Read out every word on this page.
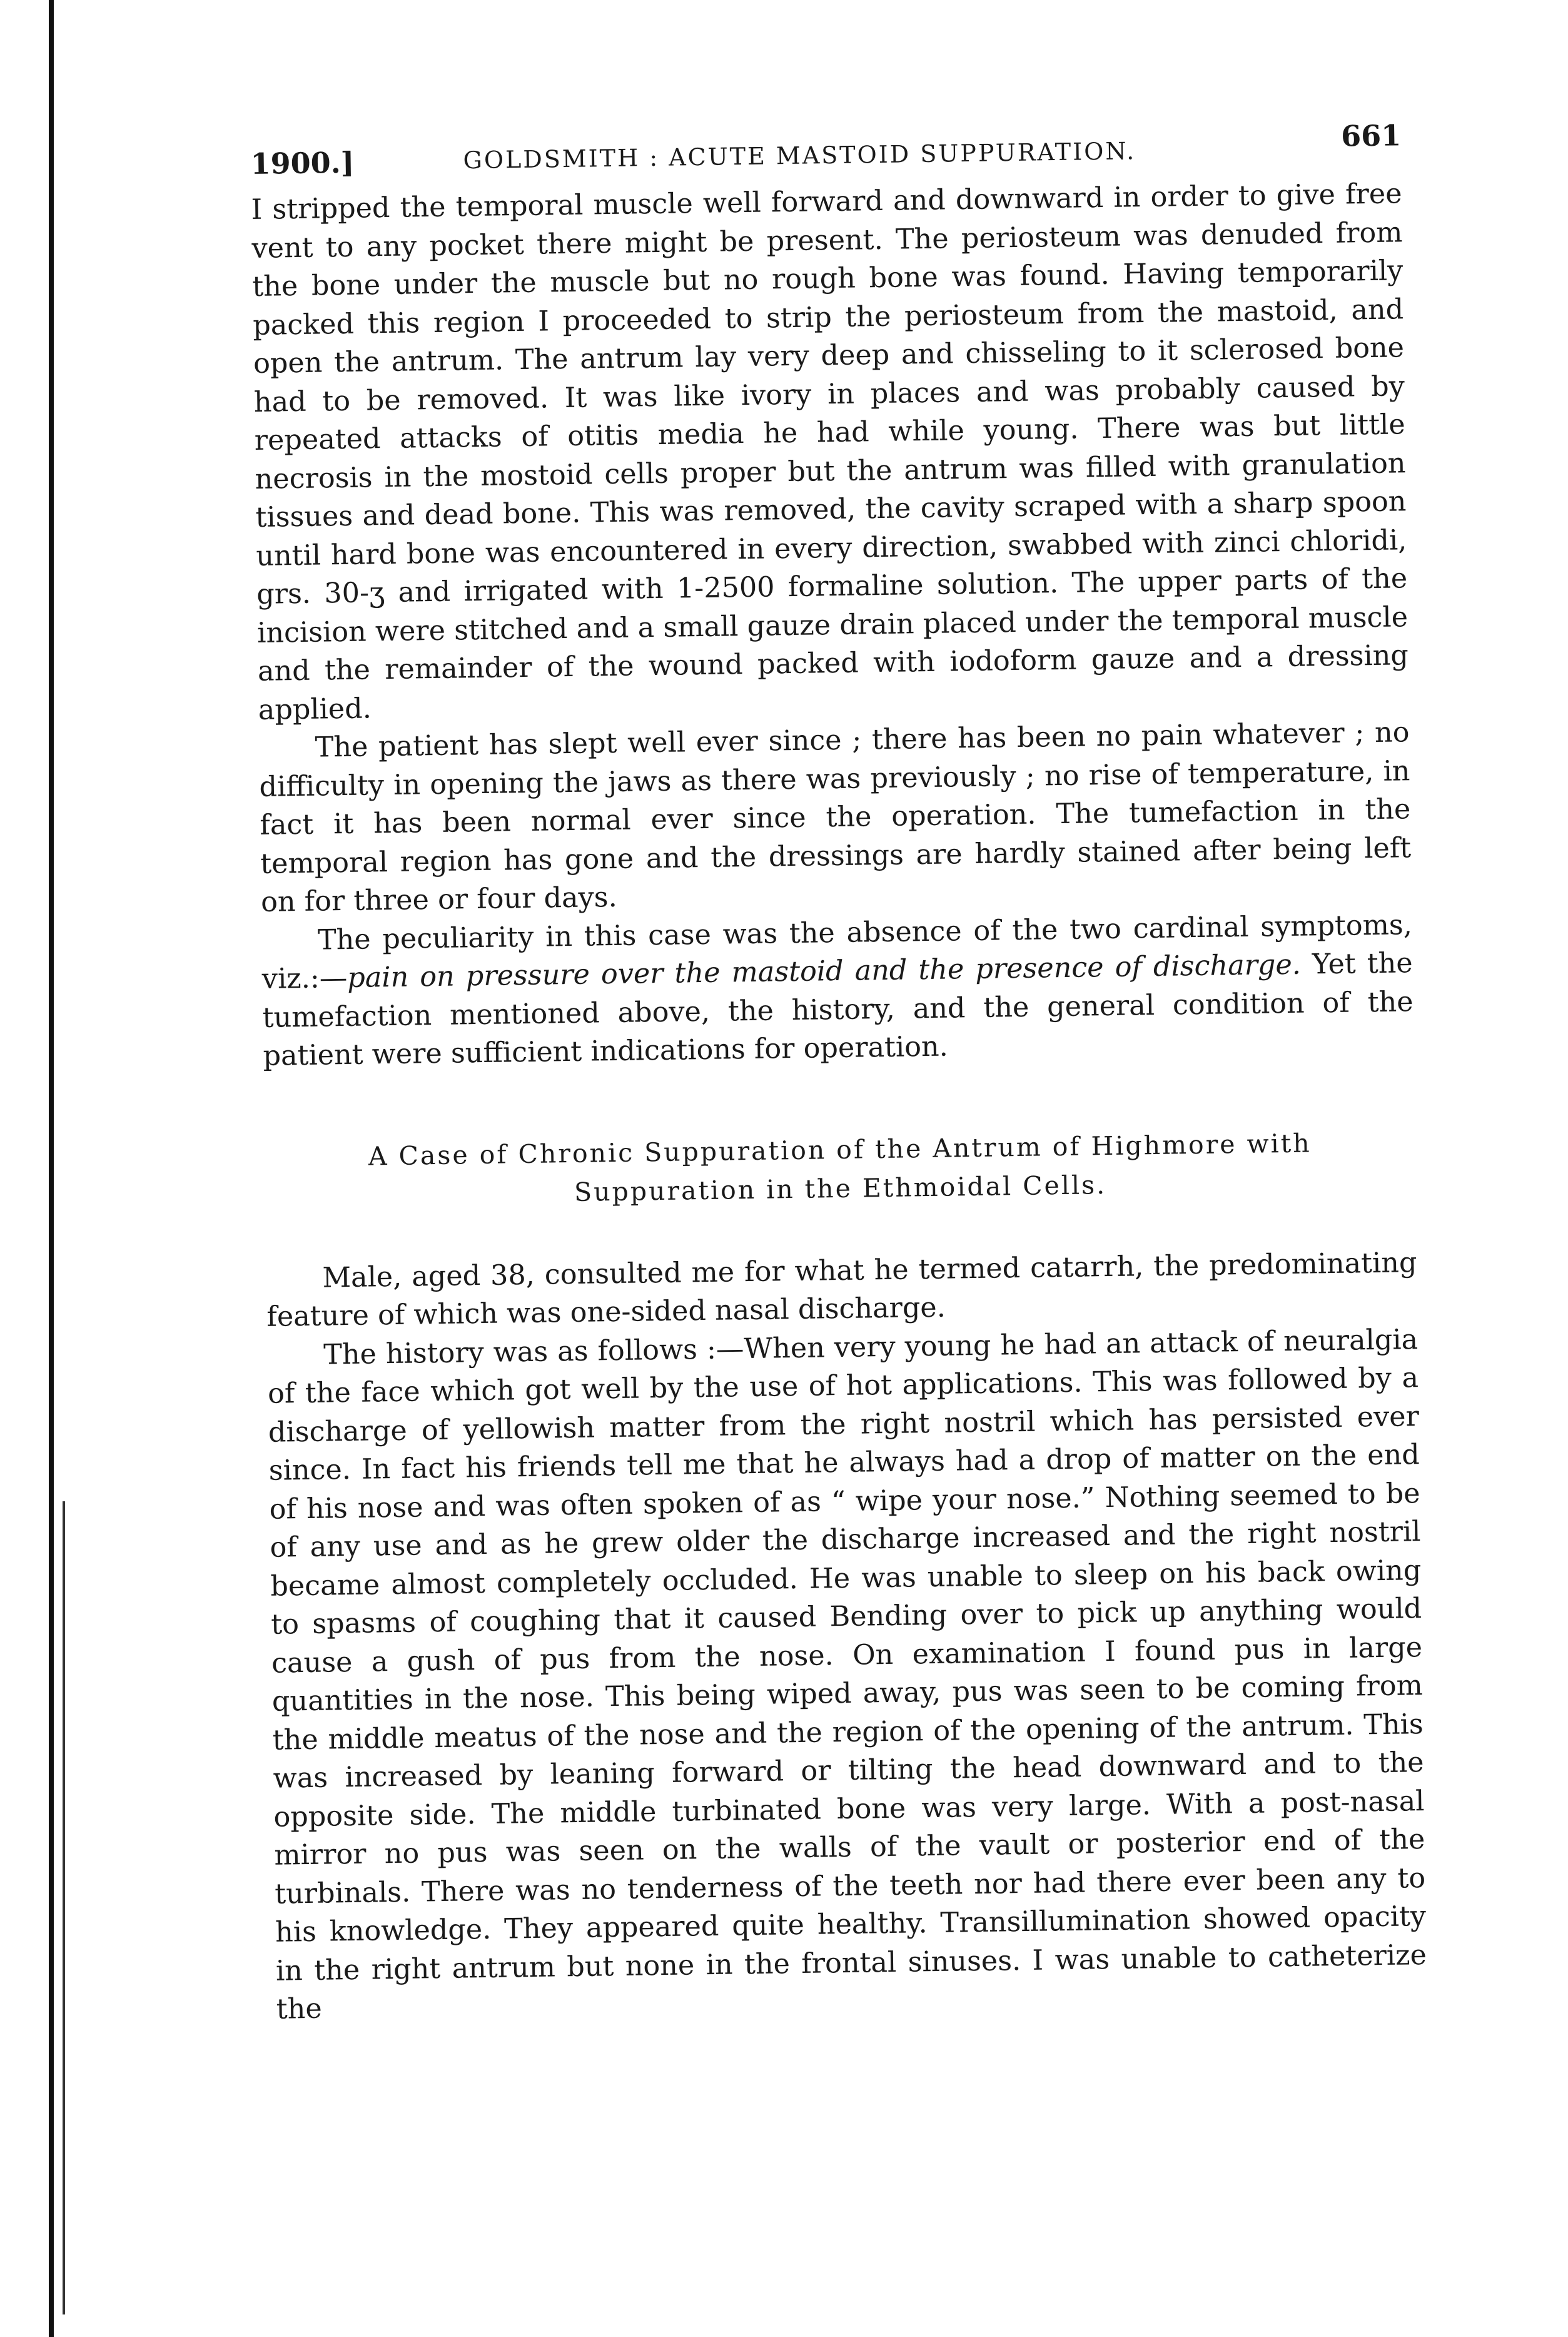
1900.]	GOLDSMITH : ACUTE MASTOID SUPPURATION.
661

I stripped the temporal muscle well forward and downward in order to give free vent to any pocket there might be present. The periosteum was denuded from the bone under the muscle but no rough bone was found. Having temporarily packed this region I proceeded to strip the periosteum from the mastoid, and open the antrum. The antrum lay very deep and chisseling to it sclerosed bone had to be removed. It was like ivory in places and was probably caused by repeated attacks of otitis media he had while young. There was but little necrosis in the mostoid cells proper but the antrum was filled with granulation tissues and dead bone. This was removed, the cavity scraped with a sharp spoon until hard bone was encountered in every direction, swabbed with zinci chloridi, grs. 30-ʒ and irrigated with 1-2500 formaline solution. The upper parts of the incision were stitched and a small gauze drain placed under the temporal muscle and the remainder of the wound packed with iodoform gauze and a dressing applied.

The patient has slept well ever since ; there has been no pain whatever ; no difficulty in opening the jaws as there was previously ; no rise of temperature, in fact it has been normal ever since the operation. The tumefaction in the temporal region has gone and the dressings are hardly stained after being left on for three or four days.

The peculiarity in this case was the absence of the two cardinal symptoms, viz.:—pain on pressure over the mastoid and the presence of discharge. Yet the tumefaction mentioned above, the history, and the general condition of the patient were sufficient indications for operation.

A Case of Chronic Suppuration of the Antrum of Highmore with
Suppuration in the Ethmoidal Cells.

Male, aged 38, consulted me for what he termed catarrh, the predominating feature of which was one-sided nasal discharge.

The history was as follows :—When very young he had an attack of neuralgia of the face which got well by the use of hot applications. This was followed by a discharge of yellowish matter from the right nostril which has persisted ever since. In fact his friends tell me that he always had a drop of matter on the end of his nose and was often spoken of as “ wipe your nose.” Nothing seemed to be of any use and as he grew older the discharge increased and the right nostril became almost completely occluded. He was unable to sleep on his back owing to spasms of coughing that it caused Bending over to pick up anything would cause a gush of pus from the nose. On examination I found pus in large quantities in the nose. This being wiped away, pus was seen to be coming from the middle meatus of the nose and the region of the opening of the antrum. This was increased by leaning forward or tilting the head downward and to the opposite side. The middle turbinated bone was very large. With a post-nasal mirror no pus was seen on the walls of the vault or posterior end of the turbinals. There was no tenderness of the teeth nor had there ever been any to his knowledge. They appeared quite healthy. Transillumination showed opacity in the right antrum but none in the frontal sinuses. I was unable to catheterize the
